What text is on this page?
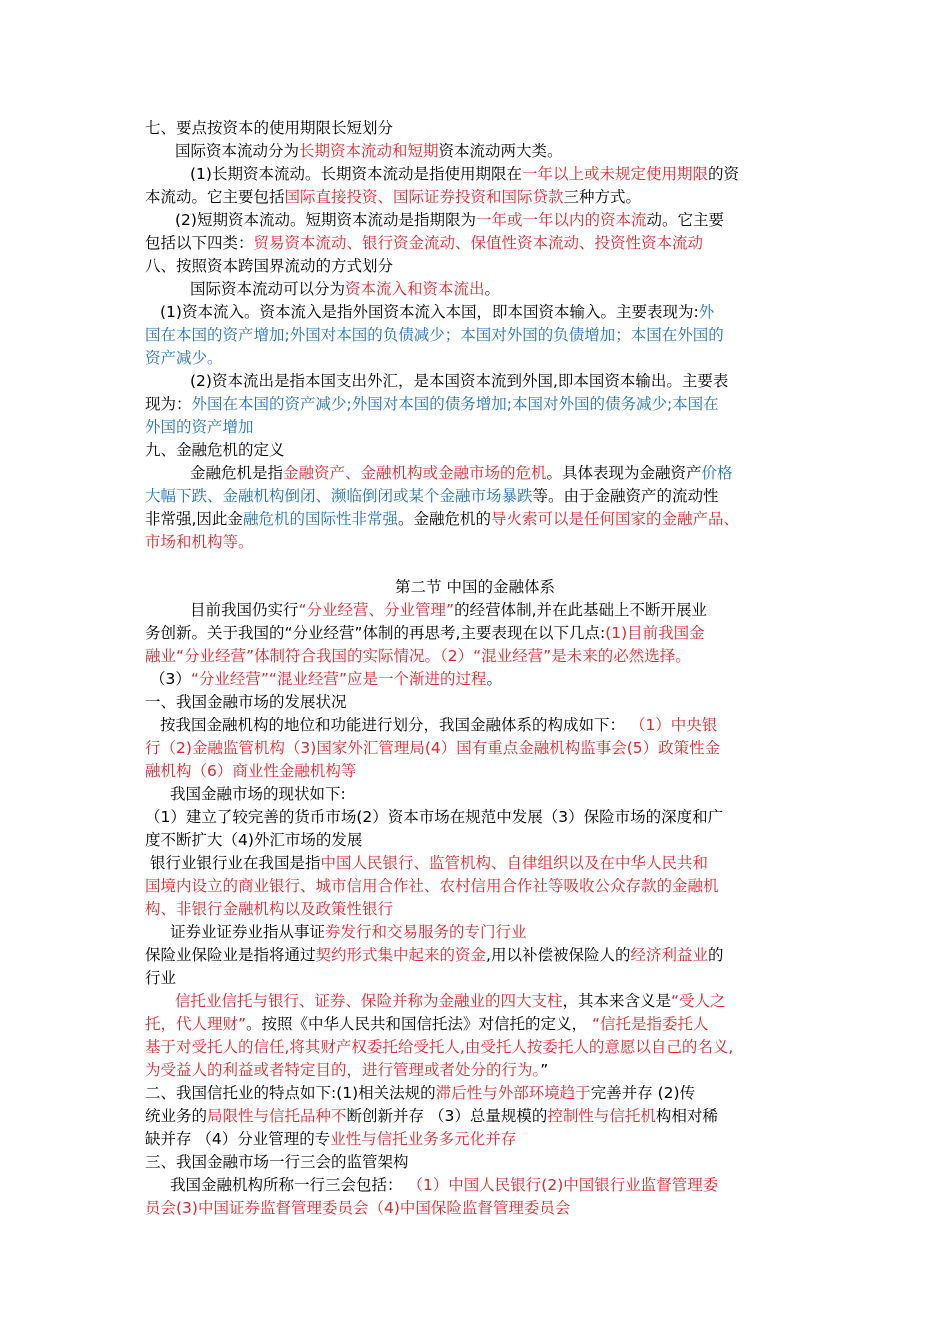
七、要点按资本的使用期限长短划分
国际资本流动分为长期资本流动和短期资本流动两大类。
(1)长期资本流动。长期资本流动是指使用期限在一年以上或未规定使用期限的资
本流动。它主要包括国际直接投资、国际证券投资和国际贷款三种方式。
(2)短期资本流动。短期资本流动是指期限为一年或一年以内的资本流动。它主要
包括以下四类：贸易资本流动、银行资金流动、保值性资本流动、投资性资本流动
八、按照资本跨国界流动的方式划分
国际资本流动可以分为资本流入和资本流出。
(1)资本流入。资本流入是指外国资本流入本国，即本国资本输入。主要表现为:外
国在本国的资产增加;外国对本国的负债减少；本国对外国的负债增加；本国在外国的
资产减少。
(2)资本流出是指本国支出外汇，是本国资本流到外国,即本国资本输出。主要表
现为：外国在本国的资产减少;外国对本国的债务增加;本国对外国的债务减少;本国在
外国的资产增加
九、金融危机的定义
金融危机是指金融资产、金融机构或金融市场的危机。具体表现为金融资产价格
大幅下跌、金融机构倒闭、濒临倒闭或某个金融市场暴跌等。由于金融资产的流动性
非常强,因此金融危机的国际性非常强。金融危机的导火索可以是任何国家的金融产品、
市场和机构等。
第二节 中国的金融体系
目前我国仍实行“分业经营、分业管理”的经营体制,并在此基础上不断开展业
务创新。关于我国的“分业经营”体制的再思考,主要表现在以下几点:(1)目前我国金
融业“分业经营”体制符合我国的实际情况。（2）“混业经营”是未来的必然选择。
（3）“分业经营”“混业经营”应是一个渐进的过程。
一、我国金融市场的发展状况
按我国金融机构的地位和功能进行划分，我国金融体系的构成如下： （1）中央银
行（2)金融监管机构（3)国家外汇管理局(4）国有重点金融机构监事会(5）政策性金
融机构（6）商业性金融机构等
我国金融市场的现状如下:
（1）建立了较完善的货币市场(2）资本市场在规范中发展（3）保险市场的深度和广
度不断扩大（4)外汇市场的发展
银行业银行业在我国是指中国人民银行、监管机构、自律组织以及在中华人民共和
国境内设立的商业银行、城市信用合作社、农村信用合作社等吸收公众存款的金融机
构、非银行金融机构以及政策性银行
证券业证券业指从事证券发行和交易服务的专门行业
保险业保险业是指将通过契约形式集中起来的资金,用以补偿被保险人的经济利益业的
行业
信托业信托与银行、证券、保险并称为金融业的四大支柱，其本来含义是“受人之
托，代人理财”。按照《中华人民共和国信托法》对信托的定义， “信托是指委托人
基于对受托人的信任,将其财产权委托给受托人,由受托人按委托人的意愿以自己的名义,
为受益人的利益或者特定目的，进行管理或者处分的行为。”
二、我国信托业的特点如下:(1)相关法规的滞后性与外部环境趋于完善并存 (2)传
统业务的局限性与信托品种不断创新并存 （3）总量规模的控制性与信托机构相对稀
缺并存 （4）分业管理的专业性与信托业务多元化并存
三、我国金融市场一行三会的监管架构
我国金融机构所称一行三会包括： （1）中国人民银行(2)中国银行业监督管理委
员会(3)中国证券监督管理委员会（4)中国保险监督管理委员会
